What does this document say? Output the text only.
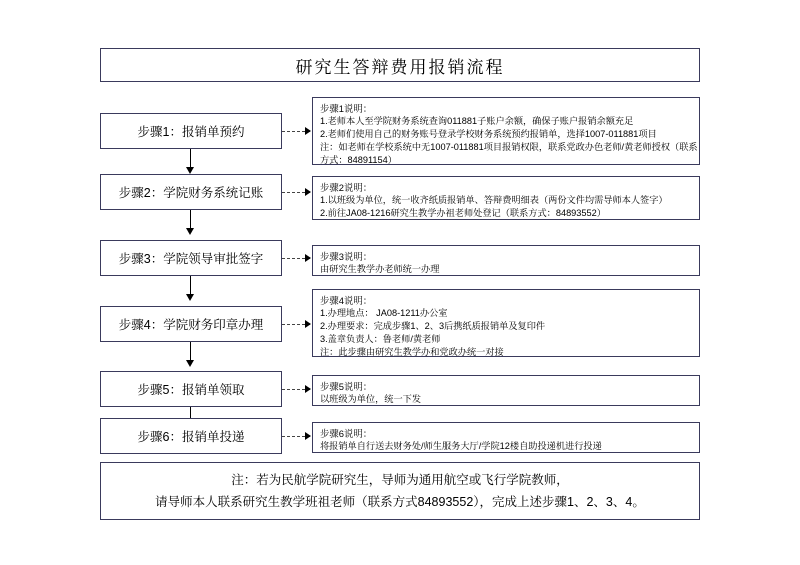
研究生答辩费用报销流程
步骤1：报销单预约
步骤1说明：
1.老师本人至学院财务系统查询011881子账户余额，确保子账户报销余额充足
2.老师们使用自己的财务账号登录学校财务系统预约报销单，选择1007-011881项目
注：如老师在学校系统中无1007-011881项目报销权限，联系党政办色老师/黄老师授权（联系
方式：84891154）
步骤2：学院财务系统记账	步骤2说明：
1.以班级为单位，统一收齐纸质报销单、答辩费明细表（两份文件均需导师本人签字）
2.前往JA08-1216研究生教学办祖老师处登记（联系方式：84893552）
步骤3：学院领导审批签字	步骤3说明：
由研究生教学办老师统一办理
步骤4：学院财务印章办理
步骤4说明：
1.办理地点： JA08-1211办公室
2.办理要求：完成步骤1、2、3后携纸质报销单及复印件
3.盖章负责人：鲁老师/黄老师
注：此步骤由研究生教学办和党政办统一对接
步骤5：报销单领取	步骤5说明：
以班级为单位，统一下发
步骤6：报销单投递	步骤6说明：
将报销单自行送去财务处/师生服务大厅/学院12楼自助投递机进行投递
注：若为民航学院研究生，导师为通用航空或飞行学院教师，
请导师本人联系研究生教学班祖老师（联系方式84893552），完成上述步骤1、2、3、4。
